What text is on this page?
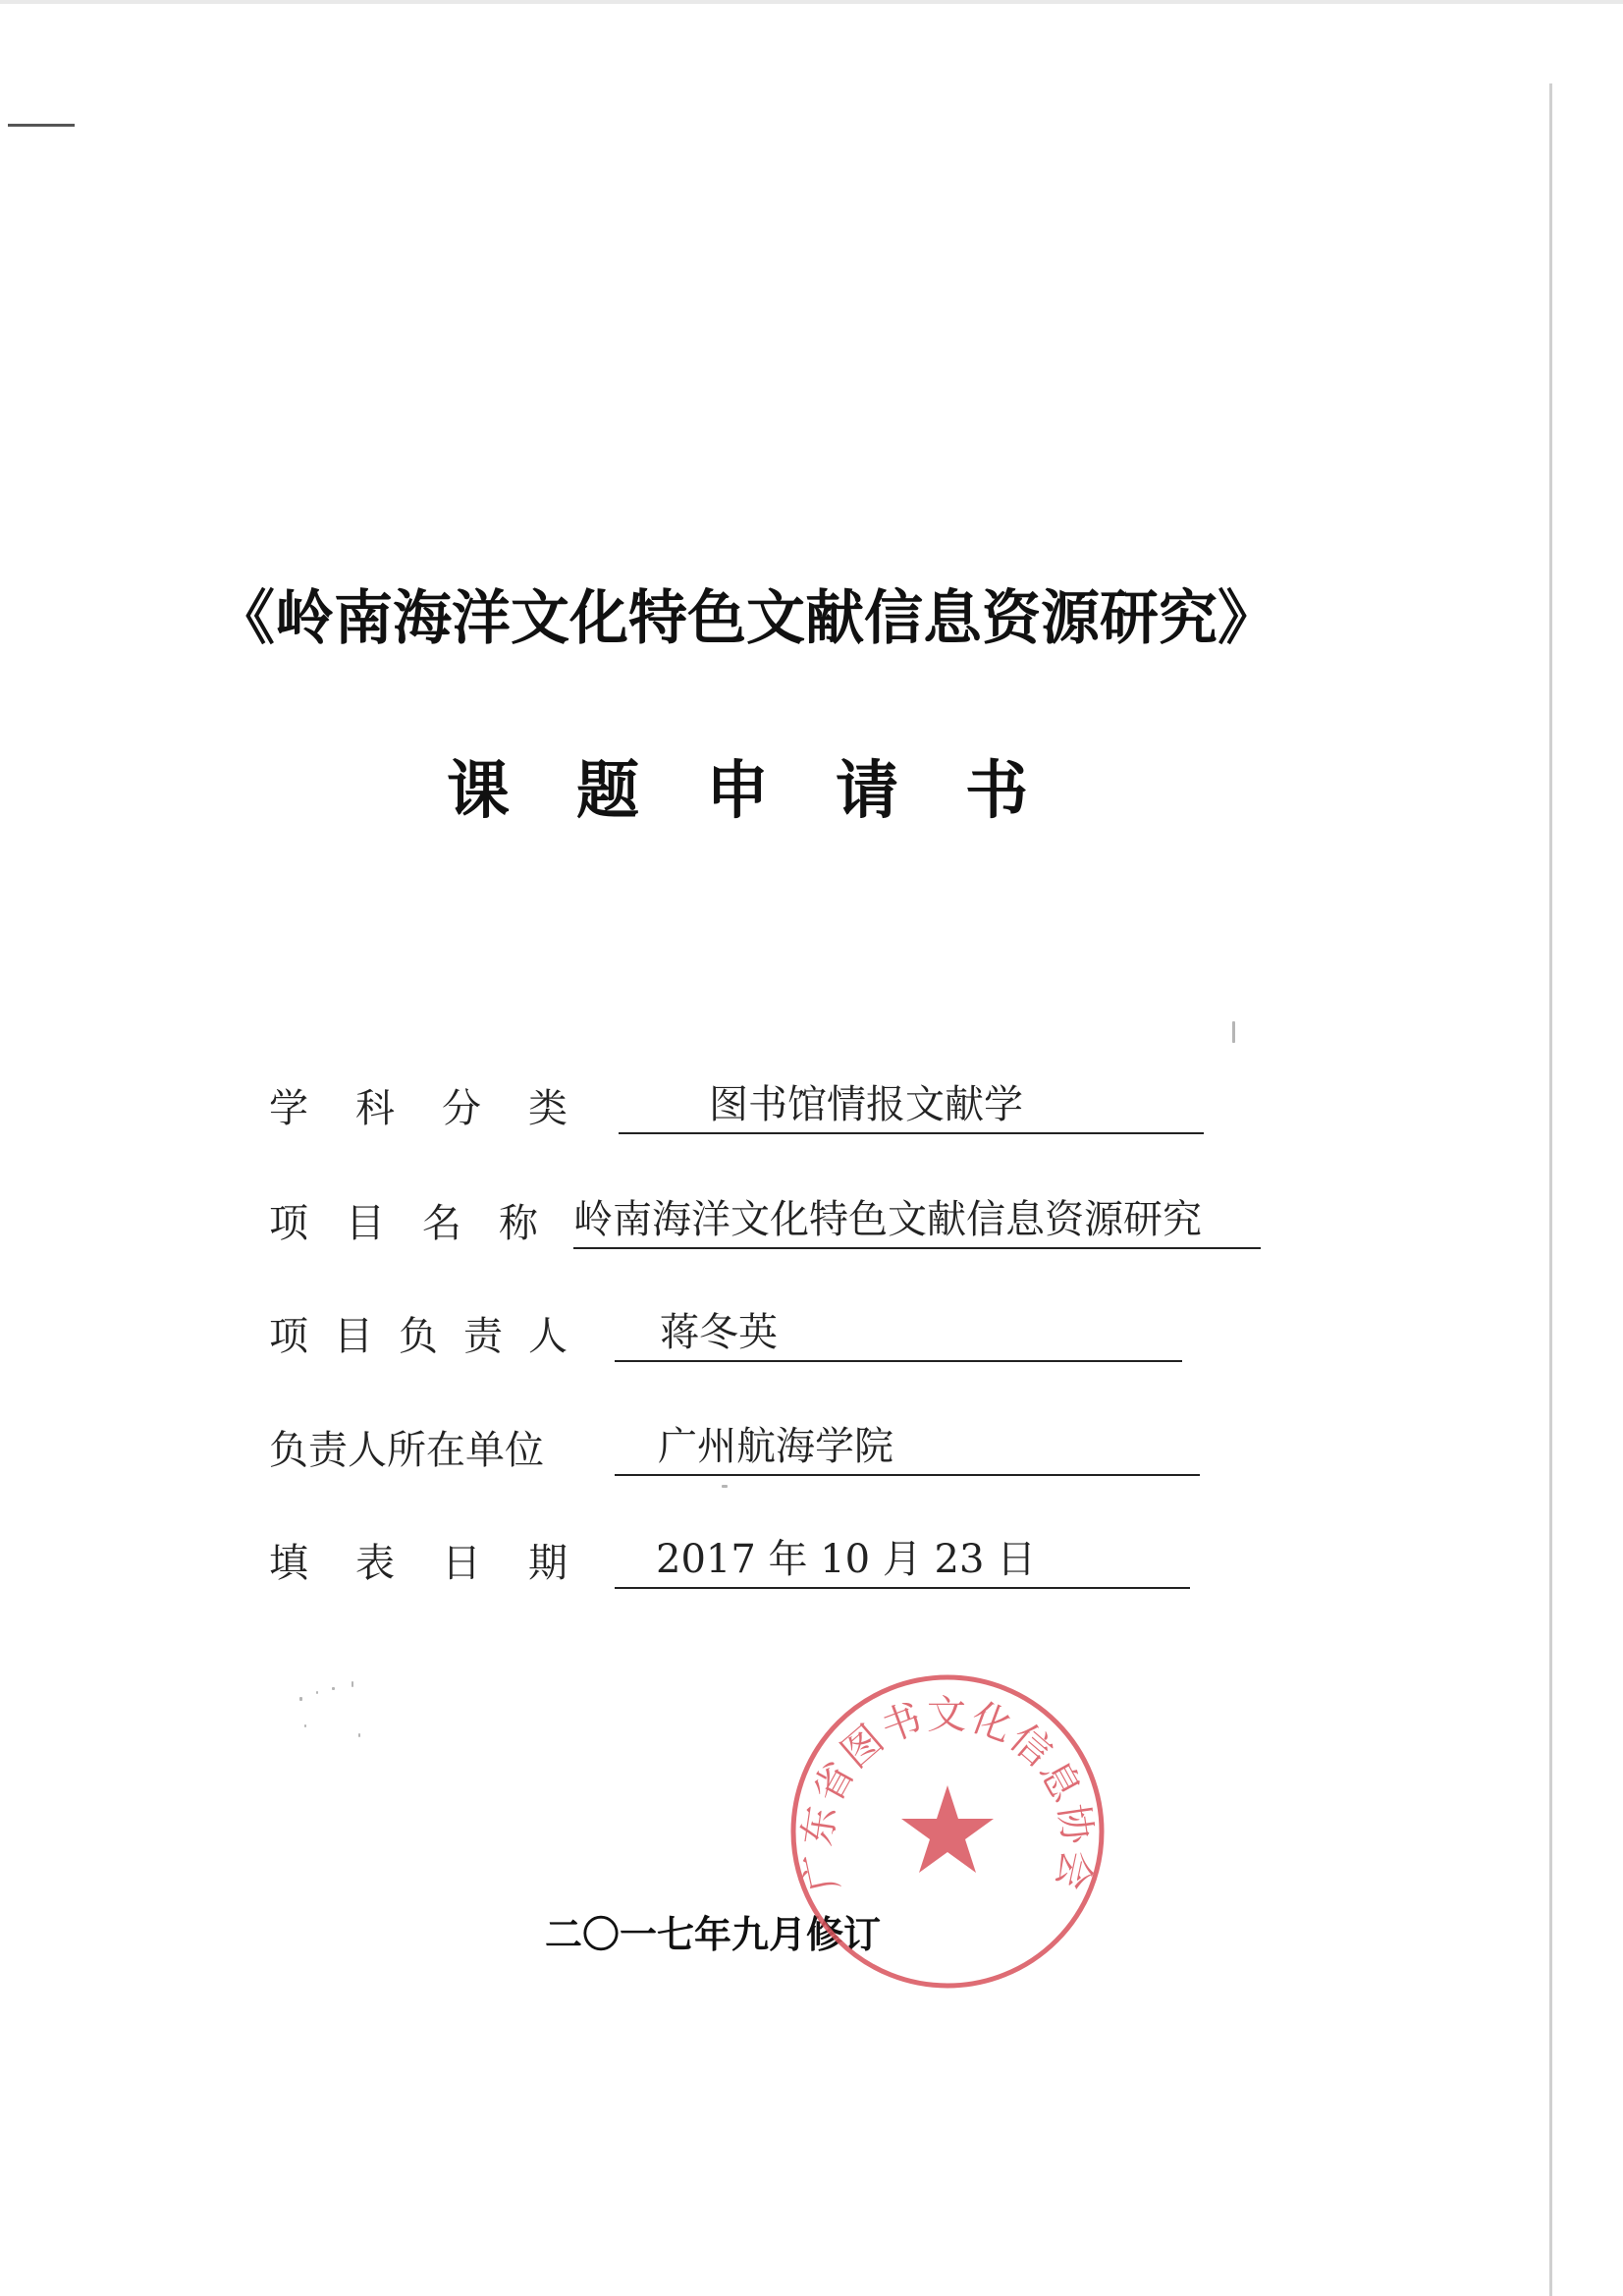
《岭南海洋文化特色文献信息资源研究》
课 题 申 请 书
学 科 分 类	图书馆情报文献学
项 目 名 称 岭南海洋文化特色文献信息资源研究
项 目 负 责 人 蒋冬英
负 责 人 所 在 单 位	广州航海学院
填 表 日 期 2017 年 10 月 23 日
二〇一七年九月修订
广东省图书文化信息协会
